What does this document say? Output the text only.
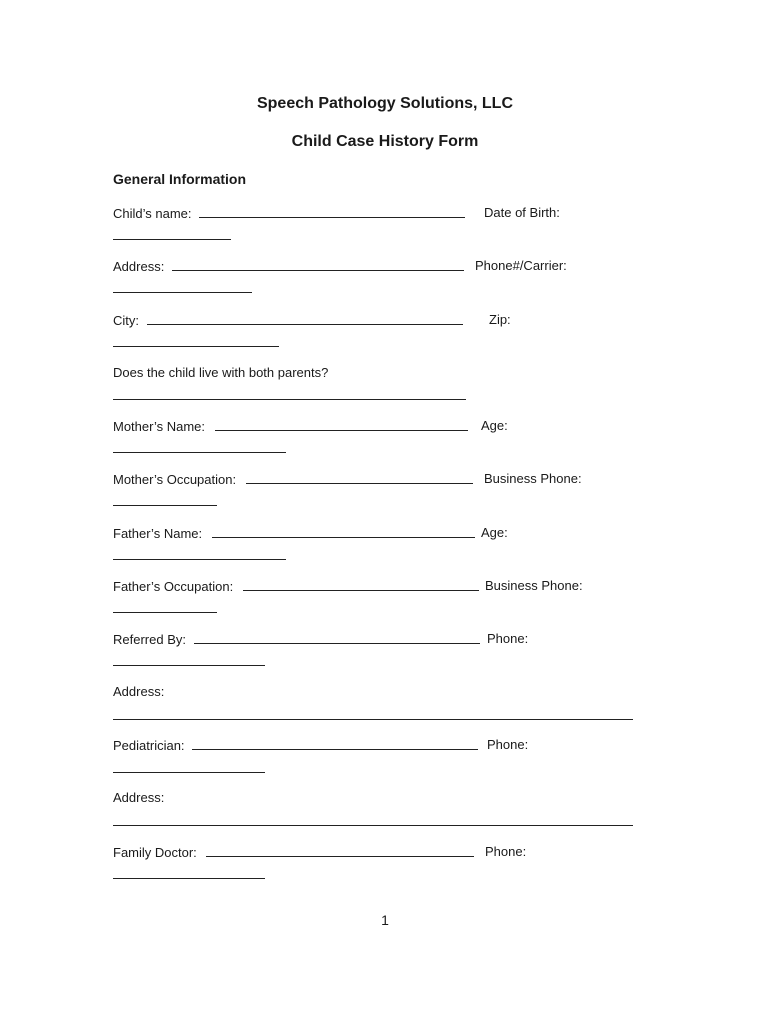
Speech Pathology Solutions, LLC
Child Case History Form
General Information
Child’s name:	Date of Birth:
Address:	Phone#/Carrier:
City:	Zip:
Does the child live with both parents?
Mother’s Name:	Age:
Mother’s Occupation:	Business Phone:
Father’s Name:	Age:
Father’s Occupation:	Business Phone:
Referred By:	Phone:
Address:
Pediatrician:	Phone:
Address:
Family Doctor:	Phone:
1
